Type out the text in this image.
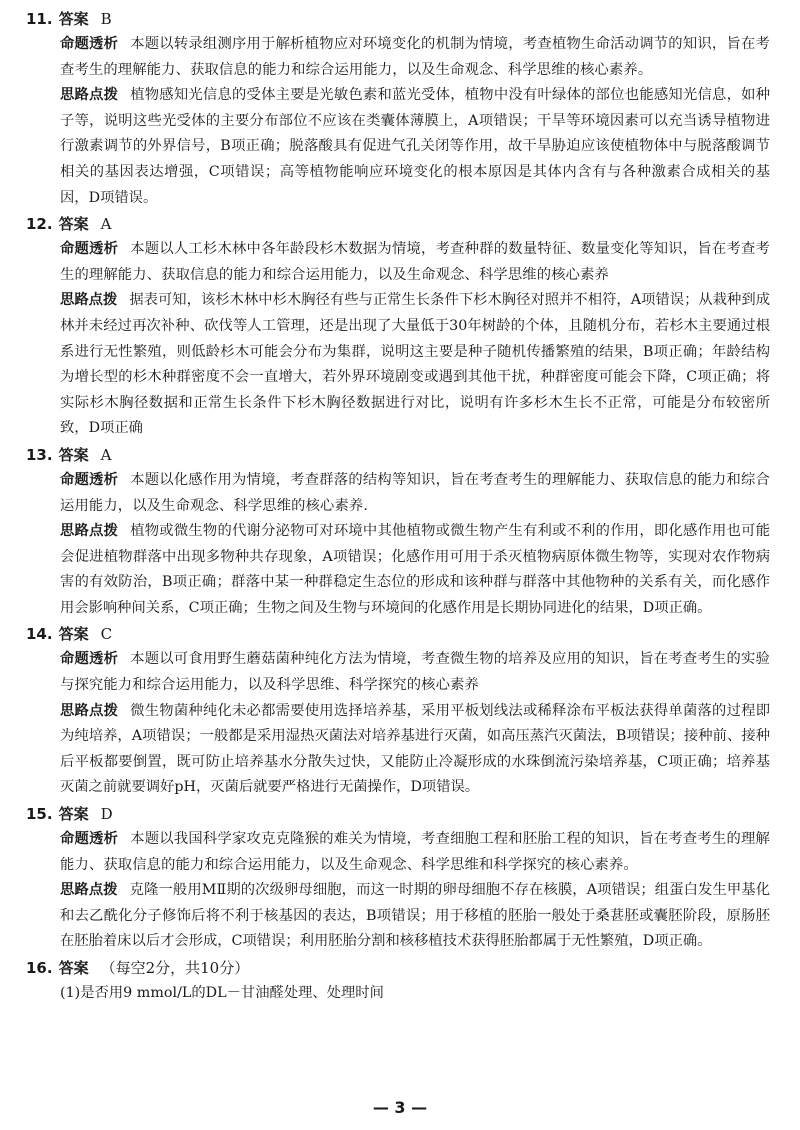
11. 答案 B

命题透析 本题以转录组测序用于解析植物应对环境变化的机制为情境，考查植物生命活动调节的知识，旨在考查考生的理解能力、获取信息的能力和综合运用能力，以及生命观念、科学思维的核心素养。

思路点拨 植物感知光信息的受体主要是光敏色素和蓝光受体，植物中没有叶绿体的部位也能感知光信息，如种子等，说明这些光受体的主要分布部位不应该在类囊体薄膜上，A项错误；干旱等环境因素可以充当诱导植物进行激素调节的外界信号，B项正确；脱落酸具有促进气孔关闭等作用，故干旱胁迫应该使植物体中与脱落酸调节相关的基因表达增强，C项错误；高等植物能响应环境变化的根本原因是其体内含有与各种激素合成相关的基因，D项错误。

12. 答案 A

命题透析 本题以人工杉木林中各年龄段杉木数据为情境，考查种群的数量特征、数量变化等知识，旨在考查考生的理解能力、获取信息的能力和综合运用能力，以及生命观念、科学思维的核心素养

思路点拨 据表可知，该杉木林中杉木胸径有些与正常生长条件下杉木胸径对照并不相符，A项错误；从栽种到成林并未经过再次补种、砍伐等人工管理，还是出现了大量低于30年树龄的个体，且随机分布，若杉木主要通过根系进行无性繁殖，则低龄杉木可能会分布为集群，说明这主要是种子随机传播繁殖的结果，B项正确；年龄结构为增长型的杉木种群密度不会一直增大，若外界环境剧变或遇到其他干扰，种群密度可能会下降，C项正确；将实际杉木胸径数据和正常生长条件下杉木胸径数据进行对比，说明有许多杉木生长不正常，可能是分布较密所致，D项正确

13. 答案 A

命题透析 本题以化感作用为情境，考查群落的结构等知识，旨在考查考生的理解能力、获取信息的能力和综合运用能力，以及生命观念、科学思维的核心素养.

思路点拨 植物或微生物的代谢分泌物可对环境中其他植物或微生物产生有利或不利的作用，即化感作用也可能会促进植物群落中出现多物种共存现象，A项错误；化感作用可用于杀灭植物病原体微生物等，实现对农作物病害的有效防治，B项正确；群落中某一种群稳定生态位的形成和该种群与群落中其他物种的关系有关，而化感作用会影响种间关系，C项正确；生物之间及生物与环境间的化感作用是长期协同进化的结果，D项正确。

14. 答案 C

命题透析 本题以可食用野生蘑菇菌种纯化方法为情境，考查微生物的培养及应用的知识，旨在考查考生的实验与探究能力和综合运用能力，以及科学思维、科学探究的核心素养

思路点拨 微生物菌种纯化未必都需要使用选择培养基，采用平板划线法或稀释涂布平板法获得单菌落的过程即为纯培养，A项错误；一般都是采用湿热灭菌法对培养基进行灭菌，如高压蒸汽灭菌法，B项错误；接种前、接种后平板都要倒置，既可防止培养基水分散失过快，又能防止冷凝形成的水珠倒流污染培养基，C项正确；培养基灭菌之前就要调好pH，灭菌后就要严格进行无菌操作，D项错误。

15. 答案 D

命题透析 本题以我国科学家攻克克隆猴的难关为情境，考查细胞工程和胚胎工程的知识，旨在考查考生的理解能力、获取信息的能力和综合运用能力，以及生命观念、科学思维和科学探究的核心素养。

思路点拨 克隆一般用MⅡ期的次级卵母细胞，而这一时期的卵母细胞不存在核膜，A项错误；组蛋白发生甲基化和去乙酰化分子修饰后将不利于核基因的表达，B项错误；用于移植的胚胎一般处于桑葚胚或囊胚阶段，原肠胚在胚胎着床以后才会形成，C项错误；利用胚胎分割和核移植技术获得胚胎都属于无性繁殖，D项正确。

16. 答案 （每空2分，共10分）

(1)是否用9 mmol/L的DL－甘油醛处理、处理时间

— 3 —
